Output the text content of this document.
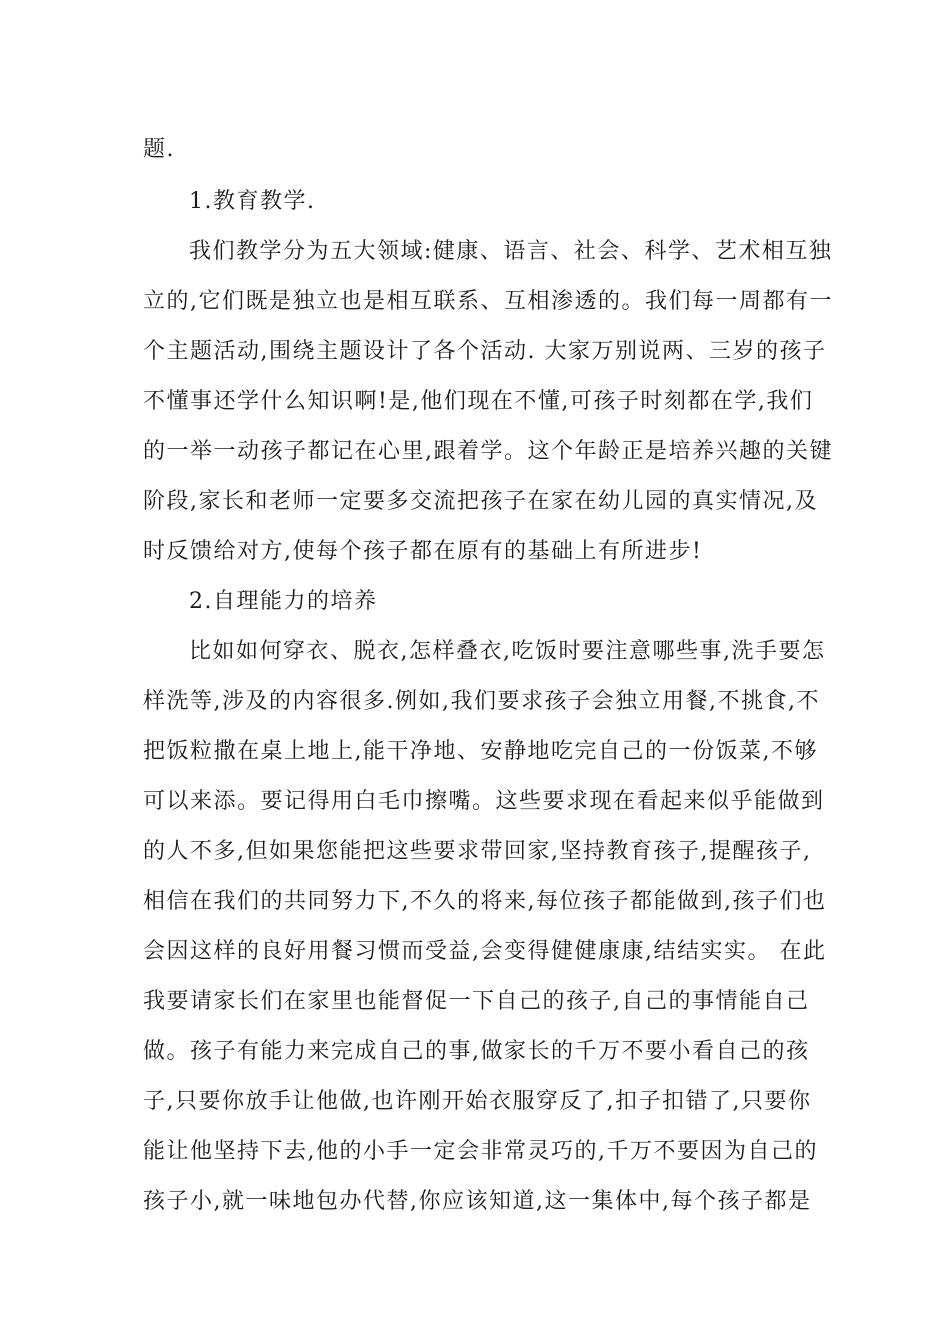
题.
1.教育教学.
我们教学分为五大领域:健康、语言、社会、科学、艺术相互独
立的,它们既是独立也是相互联系、互相渗透的。我们每一周都有一
个主题活动,围绕主题设计了各个活动. 大家万别说两、三岁的孩子
不懂事还学什么知识啊!是,他们现在不懂,可孩子时刻都在学,我们
的一举一动孩子都记在心里,跟着学。这个年龄正是培养兴趣的关键
阶段,家长和老师一定要多交流把孩子在家在幼儿园的真实情况,及
时反馈给对方,使每个孩子都在原有的基础上有所进步!
2.自理能力的培养
比如如何穿衣、脱衣,怎样叠衣,吃饭时要注意哪些事,洗手要怎
样洗等,涉及的内容很多.例如,我们要求孩子会独立用餐,不挑食,不
把饭粒撒在桌上地上,能干净地、安静地吃完自己的一份饭菜,不够
可以来添。要记得用白毛巾擦嘴。这些要求现在看起来似乎能做到
的人不多,但如果您能把这些要求带回家,坚持教育孩子,提醒孩子,
相信在我们的共同努力下,不久的将来,每位孩子都能做到,孩子们也
会因这样的良好用餐习惯而受益,会变得健健康康,结结实实。 在此
我要请家长们在家里也能督促一下自己的孩子,自己的事情能自己
做。孩子有能力来完成自己的事,做家长的千万不要小看自己的孩
子,只要你放手让他做,也许刚开始衣服穿反了,扣子扣错了,只要你
能让他坚持下去,他的小手一定会非常灵巧的,千万不要因为自己的
孩子小,就一味地包办代替,你应该知道,这一集体中,每个孩子都是
